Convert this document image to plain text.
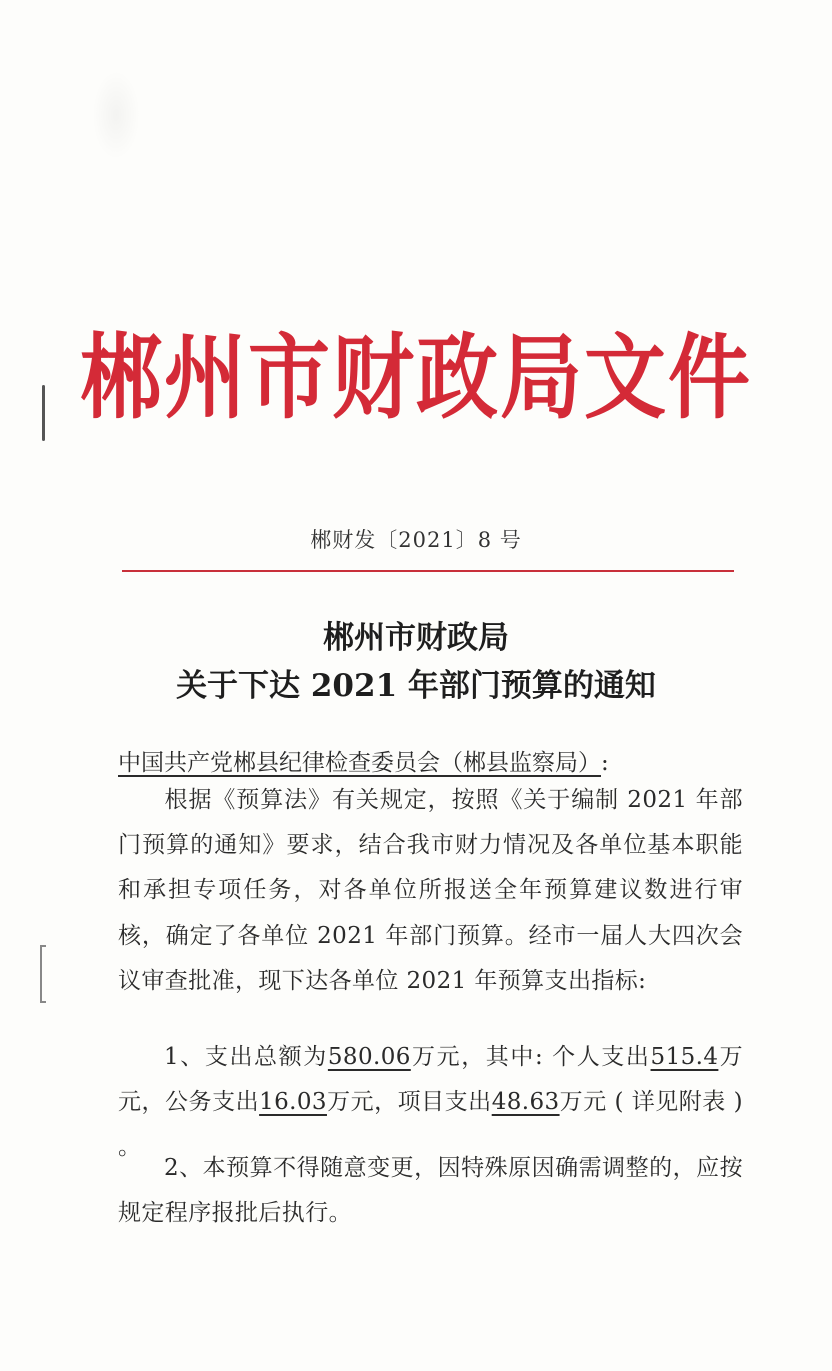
郴州市财政局文件
郴财发〔2021〕8 号
郴州市财政局
关于下达 2021 年部门预算的通知
中国共产党郴县纪律检查委员会（郴县监察局）:
根据《预算法》有关规定，按照《关于编制 2021 年部门预算的通知》要求，结合我市财力情况及各单位基本职能和承担专项任务，对各单位所报送全年预算建议数进行审核，确定了各单位 2021 年部门预算。经市一届人大四次会议审查批准，现下达各单位 2021 年预算支出指标:
1、支出总额为580.06万元，其中: 个人支出515.4万元，公务支出16.03万元，项目支出48.63万元 ( 详见附表 ) 。
2、本预算不得随意变更，因特殊原因确需调整的，应按规定程序报批后执行。
